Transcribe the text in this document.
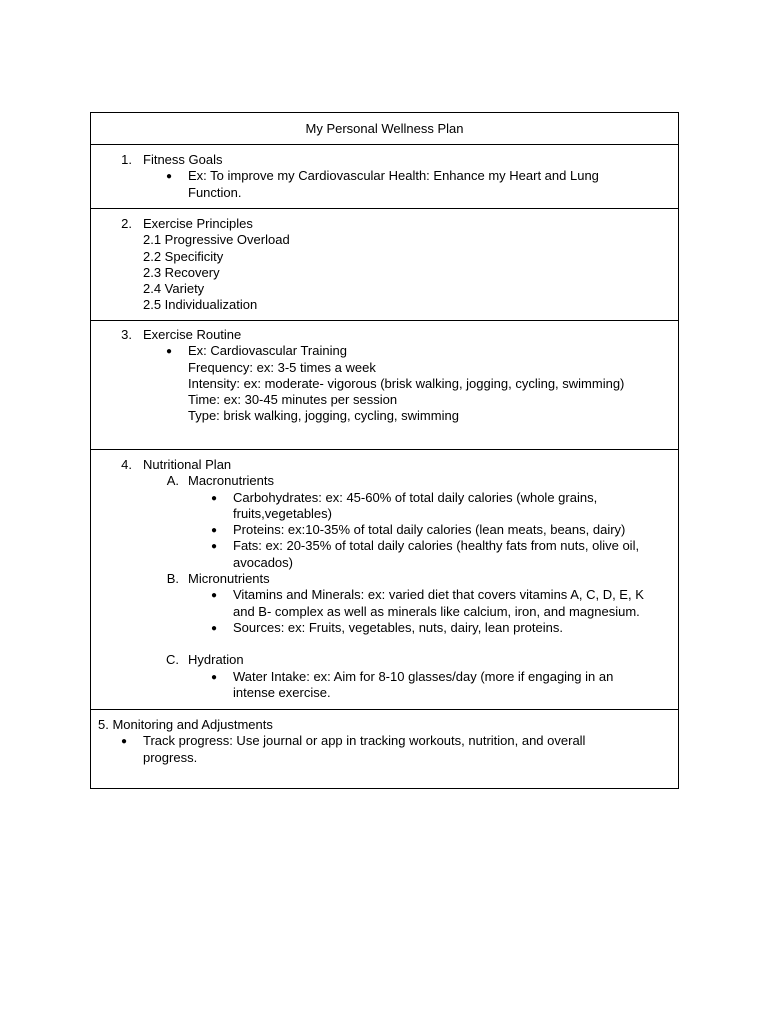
My Personal Wellness Plan
1. Fitness Goals
● Ex: To improve my Cardiovascular Health: Enhance my Heart and Lung
Function.
2. Exercise Principles
2.1 Progressive Overload
2.2 Specificity
2.3 Recovery
2.4 Variety
2.5 Individualization
3. Exercise Routine
● Ex: Cardiovascular Training
Frequency: ex: 3-5 times a week
Intensity: ex: moderate- vigorous (brisk walking, jogging, cycling, swimming)
Time: ex: 30-45 minutes per session
Type: brisk walking, jogging, cycling, swimming
4. Nutritional Plan
A. Macronutrients
● Carbohydrates: ex: 45-60% of total daily calories (whole grains,
fruits,vegetables)
● Proteins: ex:10-35% of total daily calories (lean meats, beans, dairy)
● Fats: ex: 20-35% of total daily calories (healthy fats from nuts, olive oil,
avocados)
B. Micronutrients
● Vitamins and Minerals: ex: varied diet that covers vitamins A, C, D, E, K
and B- complex as well as minerals like calcium, iron, and magnesium.
● Sources: ex: Fruits, vegetables, nuts, dairy, lean proteins.
C. Hydration
● Water Intake: ex: Aim for 8-10 glasses/day (more if engaging in an
intense exercise.
5. Monitoring and Adjustments
● Track progress: Use journal or app in tracking workouts, nutrition, and overall
progress.
